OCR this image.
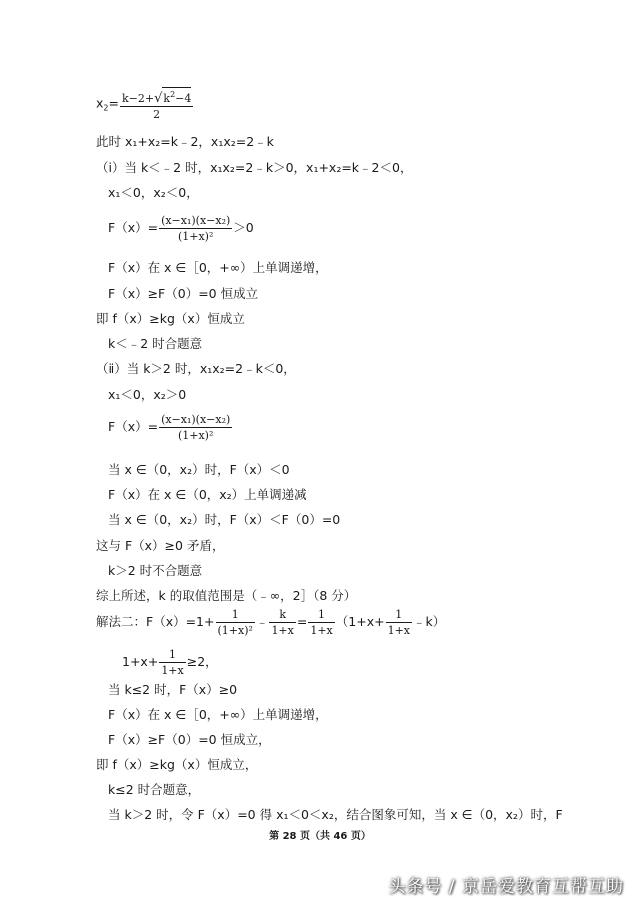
$x_2= \frac{k-2+√k^2-4}{2}$
此时 x₁+x₂=k﹣2，x₁x₂=2﹣k
（ⅰ）当 k＜﹣2 时，x₁x₂=2﹣k＞0，x₁+x₂=k﹣2＜0，
x₁＜0，x₂＜0，
$F(x)= \frac{\text{(x−x₁)(x−x₂)}}{\text{(1+x)²}} >0$
F（x）在 x ∈［0，+∞）上单调递增，
F（x）≥F（0）=0 恒成立
即 f（x）≥kg（x）恒成立
k＜﹣2 时合题意
（ⅱ）当 k＞2 时，x₁x₂=2﹣k＜0，
x₁＜0，x₂＞0
$F(x)= \frac{\text{(x−x₁)(x−x₂)}}{\text{(1+x)²}}$
当 x ∈（0，x₂）时，F（x）＜0
F（x）在 x ∈（0，x₂）上单调递减
当 x ∈（0，x₂）时，F（x）＜F（0）=0
这与 F（x）≥0 矛盾，
k＞2 时不合题意
综上所述，k 的取值范围是（﹣∞，2］（8 分）
解法二：$F(x)=1+ \frac{1}{\text{(1+x)²}}$ ﹣ $\frac{k}{1+x} = \frac{1}{1+x} (1+x+ \frac{1}{1+x}$ ﹣k）
$1+x+ \frac{1}{1+x} \ge 2$，
当 k≤2 时，F（x）≥0
F（x）在 x ∈［0，+∞）上单调递增，
F（x）≥F（0）=0 恒成立，
即 f（x）≥kg（x）恒成立，
k≤2 时合题意，
当 k＞2 时，令 F（x）=0 得 x₁＜0＜x₂，结合图象可知，当 x ∈（0，x₂）时，F
第 28 页（共 46 页）
头条号 / 京岳爱教育互帮互助
